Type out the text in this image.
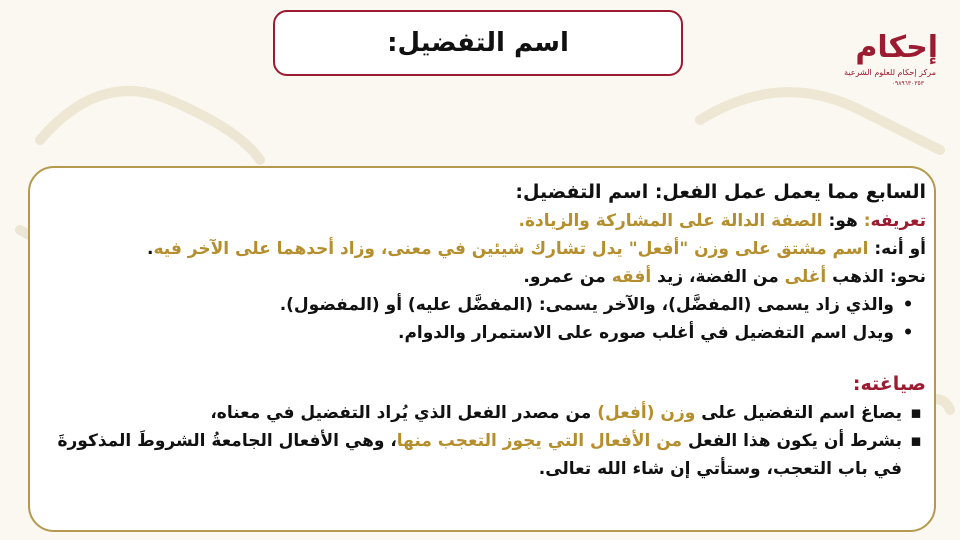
اسم التفضيل:	إحكام
مركز إحكام للعلوم الشرعية
٠٩٨٩٦٣٠٣٥٣
السابع مما يعمل عمل الفعل: اسم التفضيل:
تعريفه: هو: الصفة الدالة على المشاركة والزيادة.
أو أنه: اسم مشتق على وزن "أفعل" يدل تشارك شيئين في معنى، وزاد أحدهما على الآخر فيه.
نحو: الذهب أغلى من الفضة، زيد أفقه من عمرو.
•
والذي زاد يسمى (المفضَّل)، والآخر يسمى: (المفضَّل عليه) أو (المفضول).
•
ويدل اسم التفضيل في أغلب صوره على الاستمرار والدوام.
صياغته:
▪
يصاغ اسم التفضيل على وزن (أفعل) من مصدر الفعل الذي يُراد التفضيل في معناه،
▪
بشرط أن يكون هذا الفعل من الأفعال التي يجوز التعجب منها، وهي الأفعال الجامعةُ الشروطَ المذكورةَ في باب التعجب، وستأتي إن شاء الله تعالى.
